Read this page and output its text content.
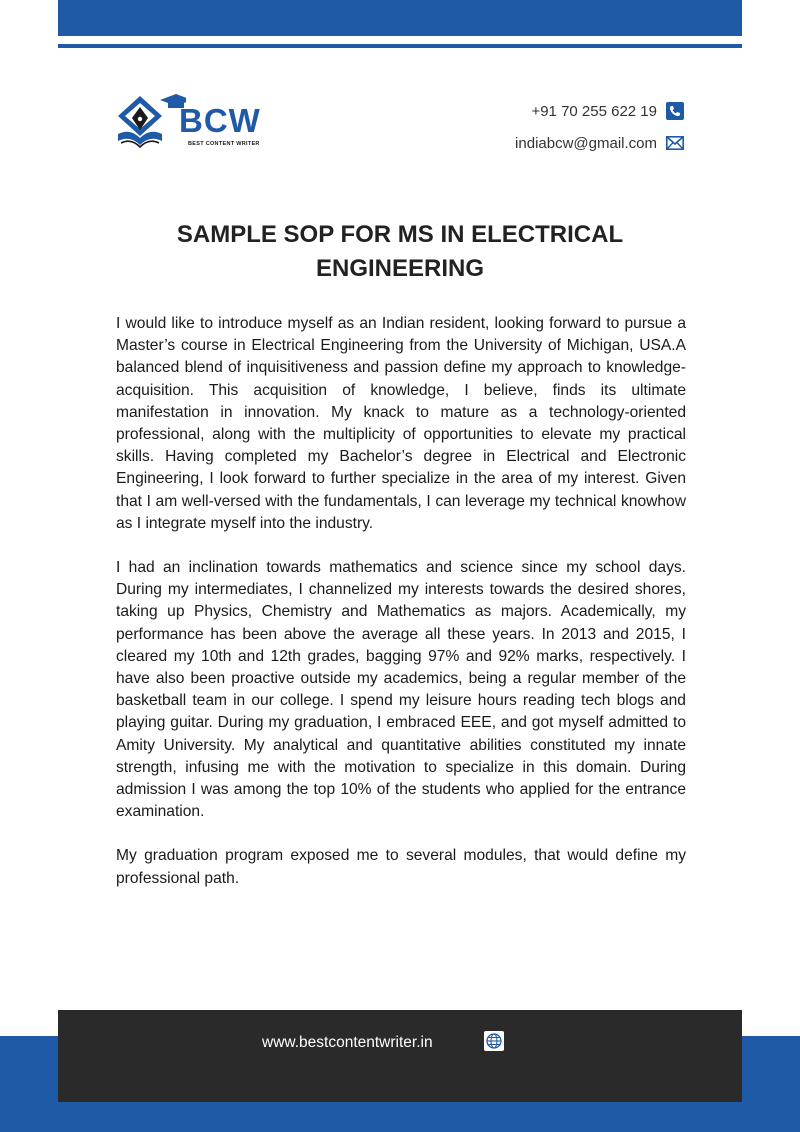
BCW
BEST CONTENT WRITER
+91 70 255 622 19
indiabcw@gmail.com
SAMPLE SOP FOR MS IN ELECTRICAL ENGINEERING

I would like to introduce myself as an Indian resident, looking forward to pursue a Master’s course in Electrical Engineering from the University of Michigan, USA.A balanced blend of inquisitiveness and passion define my approach to knowledge-acquisition. This acquisition of knowledge, I believe, finds its ultimate manifestation in innovation. My knack to mature as a technology-oriented professional, along with the multiplicity of opportunities to elevate my practical skills. Having completed my Bachelor’s degree in Electrical and Electronic Engineering, I look forward to further specialize in the area of my interest. Given that I am well-versed with the fundamentals, I can leverage my technical knowhow as I integrate myself into the industry.

I had an inclination towards mathematics and science since my school days. During my intermediates, I channelized my interests towards the desired shores, taking up Physics, Chemistry and Mathematics as majors. Academically, my performance has been above the average all these years. In 2013 and 2015, I cleared my 10th and 12th grades, bagging 97% and 92% marks, respectively. I have also been proactive outside my academics, being a regular member of the basketball team in our college. I spend my leisure hours reading tech blogs and playing guitar. During my graduation, I embraced EEE, and got myself admitted to Amity University. My analytical and quantitative abilities constituted my innate strength, infusing me with the motivation to specialize in this domain. During admission I was among the top 10% of the students who applied for the entrance examination.

My graduation program exposed me to several modules, that would define my professional path.

www.bestcontentwriter.in
